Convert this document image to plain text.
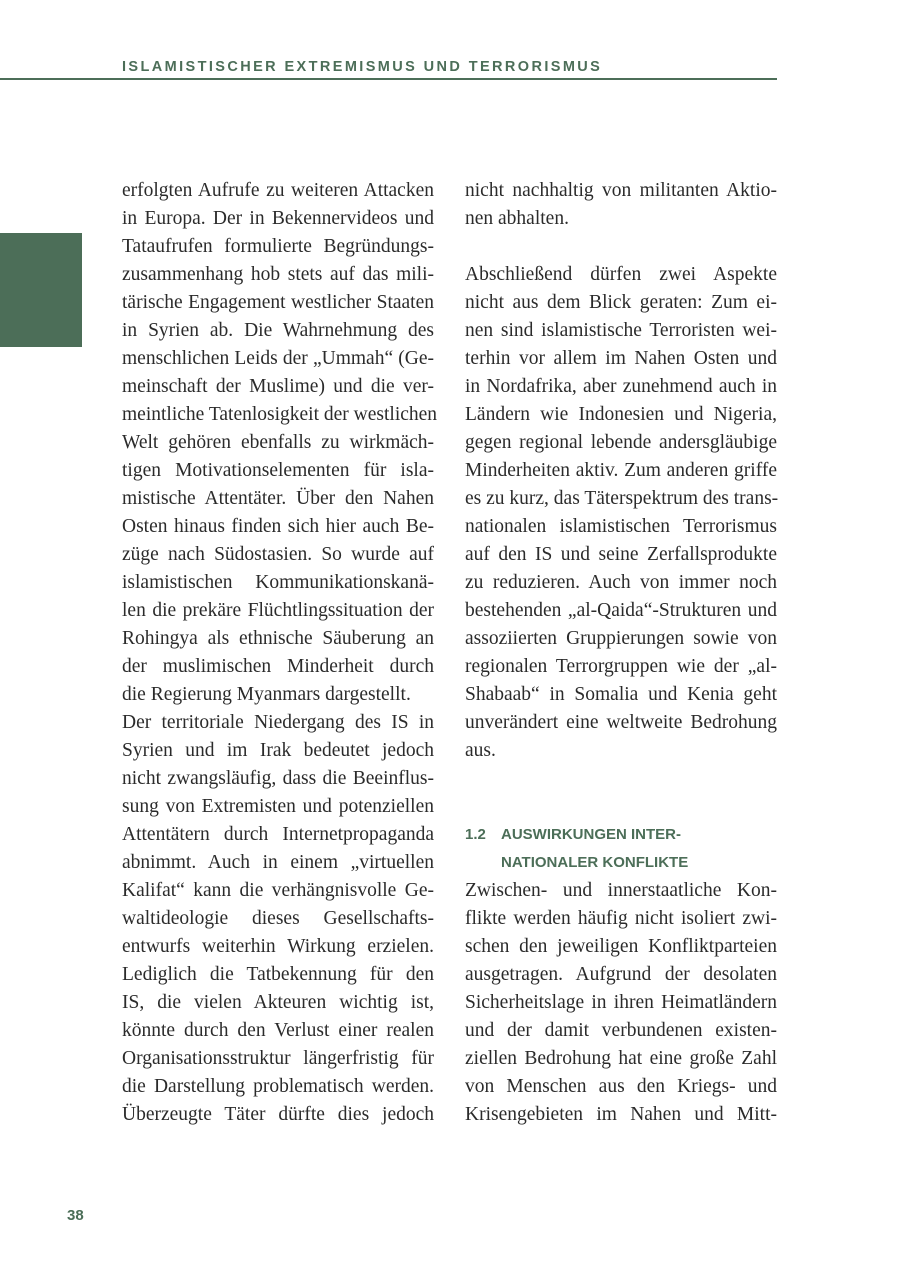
ISLAMISTISCHER EXTREMISMUS UND TERRORISMUS
erfolgten Aufrufe zu weiteren Attacken
in Europa. Der in Bekennervideos und
Tataufrufen formulierte Begründungs-
zusammenhang hob stets auf das mili-
tärische Engagement westlicher Staaten
in Syrien ab. Die Wahrnehmung des
menschlichen Leids der „Ummah“ (Ge-
meinschaft der Muslime) und die ver-
meintliche Tatenlosigkeit der westlichen
Welt gehören ebenfalls zu wirkmäch-
tigen Motivationselementen für isla-
mistische Attentäter. Über den Nahen
Osten hinaus finden sich hier auch Be-
züge nach Südostasien. So wurde auf
islamistischen Kommunikationskanä-
len die prekäre Flüchtlingssituation der
Rohingya als ethnische Säuberung an
der muslimischen Minderheit durch
die Regierung Myanmars dargestellt.
Der territoriale Niedergang des IS in
Syrien und im Irak bedeutet jedoch
nicht zwangsläufig, dass die Beeinflus-
sung von Extremisten und potenziellen
Attentätern durch Internetpropaganda
abnimmt. Auch in einem „virtuellen
Kalifat“ kann die verhängnisvolle Ge-
waltideologie dieses Gesellschafts-
entwurfs weiterhin Wirkung erzielen.
Lediglich die Tatbekennung für den
IS, die vielen Akteuren wichtig ist,
könnte durch den Verlust einer realen
Organisationsstruktur längerfristig für
die Darstellung problematisch werden.
Überzeugte Täter dürfte dies jedoch
nicht nachhaltig von militanten Aktio-
nen abhalten.
Abschließend dürfen zwei Aspekte
nicht aus dem Blick geraten: Zum ei-
nen sind islamistische Terroristen wei-
terhin vor allem im Nahen Osten und
in Nordafrika, aber zunehmend auch in
Ländern wie Indonesien und Nigeria,
gegen regional lebende andersgläubige
Minderheiten aktiv. Zum anderen griffe
es zu kurz, das Täterspektrum des trans-
nationalen islamistischen Terrorismus
auf den IS und seine Zerfallsprodukte
zu reduzieren. Auch von immer noch
bestehenden „al-Qaida“-Strukturen und
assoziierten Gruppierungen sowie von
regionalen Terrorgruppen wie der „al-
Shabaab“ in Somalia und Kenia geht
unverändert eine weltweite Bedrohung
aus.
1.2 AUSWIRKUNGEN INTER-
NATIONALER KONFLIKTE
Zwischen- und innerstaatliche Kon-
flikte werden häufig nicht isoliert zwi-
schen den jeweiligen Konfliktparteien
ausgetragen. Aufgrund der desolaten
Sicherheitslage in ihren Heimatländern
und der damit verbundenen existen-
ziellen Bedrohung hat eine große Zahl
von Menschen aus den Kriegs- und
Krisengebieten im Nahen und Mitt-
38
